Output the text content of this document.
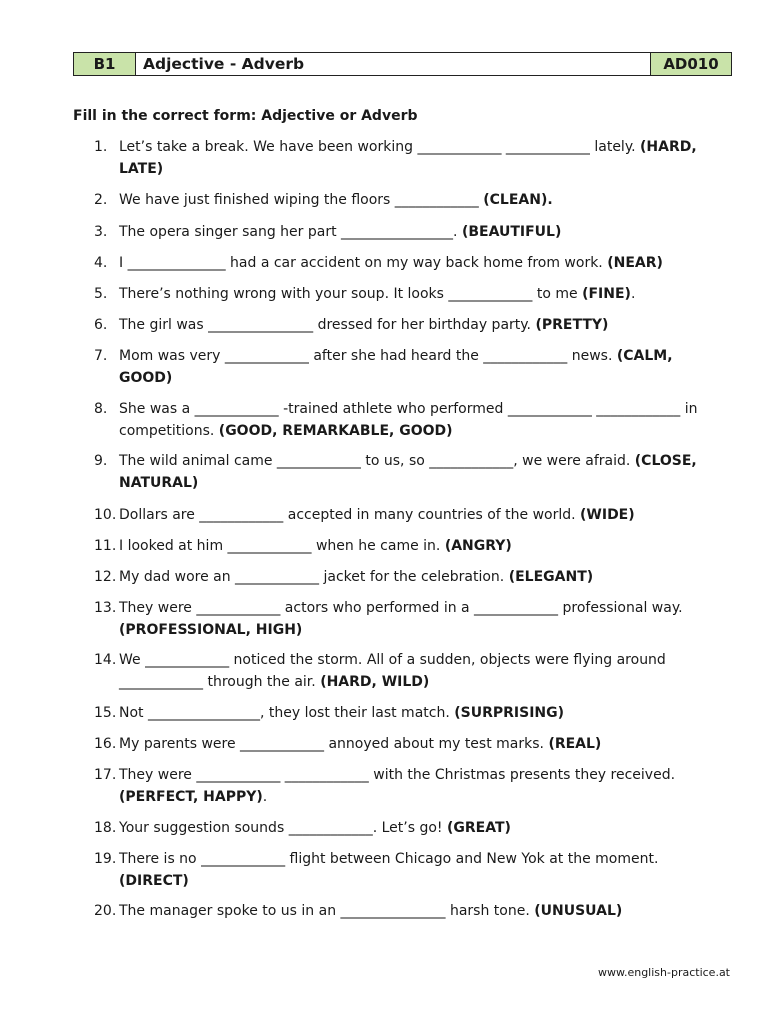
B1	Adjective - Adverb	AD010
Fill in the correct form: Adjective or Adverb
1. Let’s take a break. We have been working ____________ ____________ lately. (HARD, LATE)
2. We have just finished wiping the floors ____________ (CLEAN).
3. The opera singer sang her part ________________. (BEAUTIFUL)
4. I ______________ had a car accident on my way back home from work. (NEAR)
5. There’s nothing wrong with your soup. It looks ____________ to me (FINE).
6. The girl was _______________ dressed for her birthday party. (PRETTY)
7. Mom was very ____________ after she had heard the ____________ news. (CALM, GOOD)
8. She was a ____________ -trained athlete who performed ____________ ____________ in competitions. (GOOD, REMARKABLE, GOOD)
9. The wild animal came ____________ to us, so ____________, we were afraid. (CLOSE, NATURAL)
10. Dollars are ____________ accepted in many countries of the world. (WIDE)
11. I looked at him ____________ when he came in. (ANGRY)
12. My dad wore an ____________ jacket for the celebration. (ELEGANT)
13. They were ____________ actors who performed in a ____________ professional way. (PROFESSIONAL, HIGH)
14. We ____________ noticed the storm. All of a sudden, objects were flying around ____________ through the air. (HARD, WILD)
15. Not ________________, they lost their last match. (SURPRISING)
16. My parents were ____________ annoyed about my test marks. (REAL)
17. They were ____________ ____________ with the Christmas presents they received. (PERFECT, HAPPY).
18. Your suggestion sounds ____________. Let’s go! (GREAT)
19. There is no ____________ flight between Chicago and New Yok at the moment. (DIRECT)
20. The manager spoke to us in an _______________ harsh tone. (UNUSUAL)
www.english-practice.at
